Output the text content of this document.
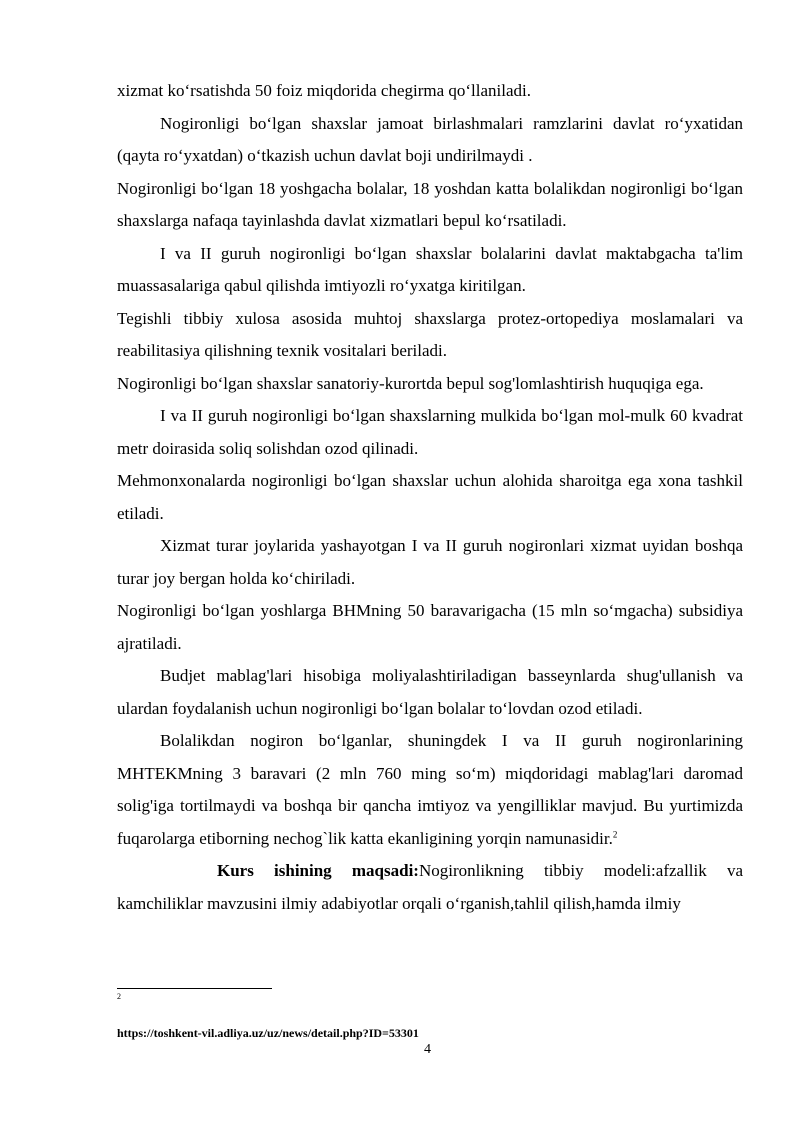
xizmat ko‘rsatishda 50 foiz miqdorida chegirma qo‘llaniladi.

Nogironligi bo‘lgan shaxslar jamoat birlashmalari ramzlarini davlat ro‘yxatidan (qayta ro‘yxatdan) o‘tkazish uchun davlat boji undirilmaydi .

Nogironligi bo‘lgan 18 yoshgacha bolalar, 18 yoshdan katta bolalikdan nogironligi bo‘lgan shaxslarga nafaqa tayinlashda davlat xizmatlari bepul ko‘rsatiladi.

I va II guruh nogironligi bo‘lgan shaxslar bolalarini davlat maktabgacha ta'lim muassasalariga qabul qilishda imtiyozli ro‘yxatga kiritilgan.

Tegishli tibbiy xulosa asosida muhtoj shaxslarga protez-ortopediya moslamalari va reabilitasiya qilishning texnik vositalari beriladi.

Nogironligi bo‘lgan shaxslar sanatoriy-kurortda bepul sog'lomlashtirish huquqiga ega.

I va II guruh nogironligi bo‘lgan shaxslarning mulkida bo‘lgan mol-mulk 60 kvadrat metr doirasida soliq solishdan ozod qilinadi.

Mehmonxonalarda nogironligi bo‘lgan shaxslar uchun alohida sharoitga ega xona tashkil etiladi.

Xizmat turar joylarida yashayotgan I va II guruh nogironlari xizmat uyidan boshqa turar joy bergan holda ko‘chiriladi.

Nogironligi bo‘lgan yoshlarga BHMning 50 baravarigacha (15 mln so‘mgacha) subsidiya ajratiladi.

Budjet mablag'lari hisobiga moliyalashtiriladigan basseynlarda shug'ullanish va ulardan foydalanish uchun nogironligi bo‘lgan bolalar to‘lovdan ozod etiladi.

Bolalikdan nogiron bo‘lganlar, shuningdek I va II guruh nogironlarining MHTEKMning 3 baravari (2 mln 760 ming so‘m) miqdoridagi mablag'lari daromad solig'iga tortilmaydi va boshqa bir qancha imtiyoz va yengilliklar mavjud. Bu yurtimizda fuqarolarga etiborning nechog`lik katta ekanligining yorqin namunasidir.$^2$

Kurs ishining maqsadi:Nogironlikning tibbiy modeli:afzallik va kamchiliklar mavzusini ilmiy adabiyotlar orqali o‘rganish,tahlil qilish,hamda ilmiy

2
https://toshkent-vil.adliya.uz/uz/news/detail.php?ID=53301
4
